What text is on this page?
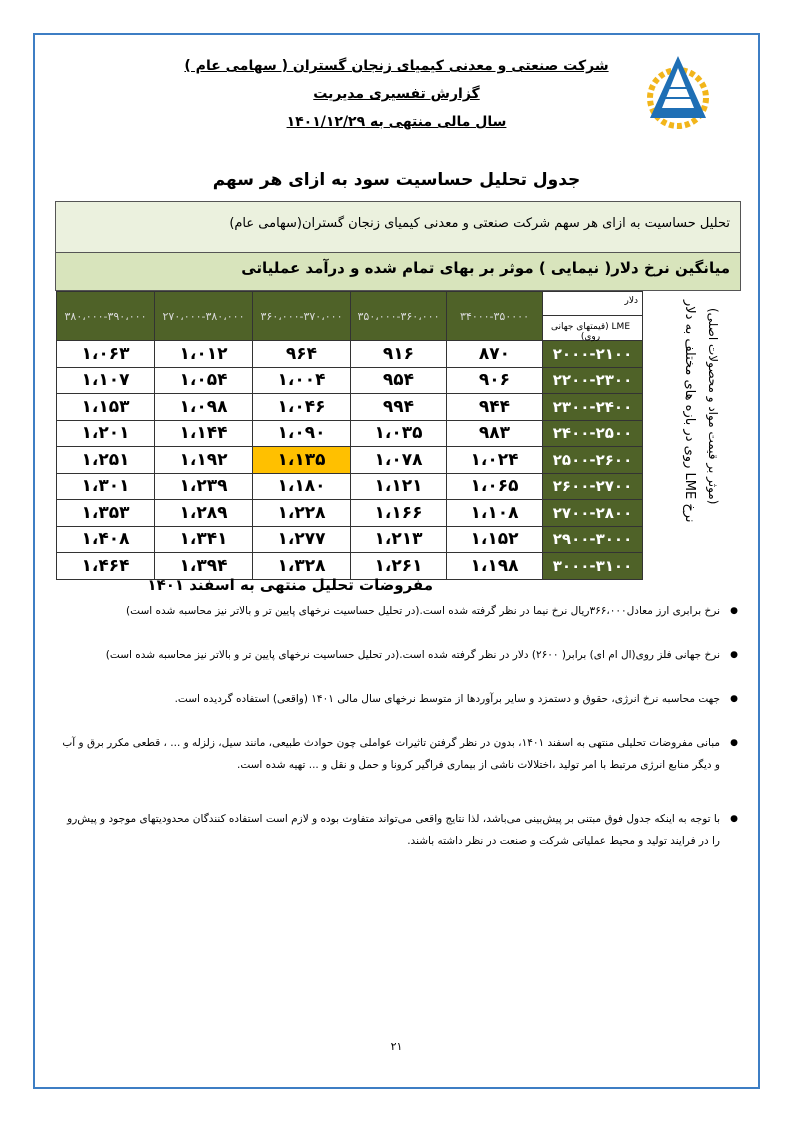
شرکت صنعتی و معدنی کیمیای زنجان گستران ( سهامی عام )
گزارش تفسیری مدیریت
سال مالی منتهی به ۱۴۰۱/۱۲/۲۹
جدول تحلیل حساسیت سود به ازای هر سهم
تحلیل حساسیت به ازای هر سهم شرکت صنعتی و معدنی کیمیای زنجان گستران(سهامی عام)
میانگین نرخ دلار( نیمایی ) موثر بر بهای تمام شده و درآمد عملیاتی
۳۸۰،۰۰۰-۳۹۰،۰۰۰	۲۷۰،۰۰۰-۳۸۰،۰۰۰	۳۶۰،۰۰۰-۳۷۰،۰۰۰	۳۵۰،۰۰۰-۳۶۰،۰۰۰	۳۴۰۰۰-۳۵۰۰۰۰	دلار
LME (قیمتهای جهانی روی)

۱،۰۶۳	۱،۰۱۲	۹۶۴	۹۱۶	۸۷۰	۲۰۰۰-۲۱۰۰
۱،۱۰۷	۱،۰۵۴	۱،۰۰۴	۹۵۴	۹۰۶	۲۲۰۰-۲۳۰۰
۱،۱۵۳	۱،۰۹۸	۱،۰۴۶	۹۹۴	۹۴۴	۲۳۰۰-۲۴۰۰
۱،۲۰۱	۱،۱۴۴	۱،۰۹۰	۱،۰۳۵	۹۸۳	۲۴۰۰-۲۵۰۰
۱،۲۵۱	۱،۱۹۲	۱،۱۳۵	۱،۰۷۸	۱،۰۲۴	۲۵۰۰-۲۶۰۰
۱،۳۰۱	۱،۲۳۹	۱،۱۸۰	۱،۱۲۱	۱،۰۶۵	۲۶۰۰-۲۷۰۰
۱،۳۵۳	۱،۲۸۹	۱،۲۲۸	۱،۱۶۶	۱،۱۰۸	۲۷۰۰-۲۸۰۰
۱،۴۰۸	۱،۳۴۱	۱،۲۷۷	۱،۲۱۳	۱،۱۵۲	۲۹۰۰-۳۰۰۰
۱،۴۶۴	۱،۳۹۴	۱،۳۲۸	۱،۲۶۱	۱،۱۹۸	۳۰۰۰-۳۱۰۰
نرخ LME روی در بازه های مختلف به دلار
(موثر بر قیمت مواد و محصولات اصلی)
مفروضات تحلیل منتهی به اسفند ۱۴۰۱
● نرخ برابری ارز معادل۳۶۶،۰۰۰ریال نرخ نیما در نظر گرفته شده است.(در تحلیل حساسیت نرخهای پایین تر و بالاتر نیز محاسبه شده است)
● نرخ جهانی فلز روی(ال ام ای) برابر( ۲۶۰۰) دلار در نظر گرفته شده است.(در تحلیل حساسیت نرخهای پایین تر و بالاتر نیز محاسبه شده است)
● جهت محاسبه نرخ انرژی، حقوق و دستمزد و سایر برآوردها از متوسط نرخهای سال مالی ۱۴۰۱ (واقعی) استفاده گردیده است.
● مبانی مفروضات تحلیلی منتهی به اسفند ۱۴۰۱، بدون در نظر گرفتن تاثیرات عواملی چون حوادث طبیعی، مانند سیل، زلزله و ... ، قطعی مکرر برق و آب و دیگر منابع انرژی مرتبط با امر تولید ،اختلالات ناشی از بیماری فراگیر کرونا و حمل و نقل و ... تهیه شده است.
● با توجه به اینکه جدول فوق مبتنی بر پیش‌بینی می‌باشد، لذا نتایج واقعی می‌تواند متفاوت بوده و لازم است استفاده کنندگان محدودیتهای موجود و پیش‌رو را در فرایند تولید و محیط عملیاتی شرکت و صنعت در نظر داشته باشند.
۲۱
